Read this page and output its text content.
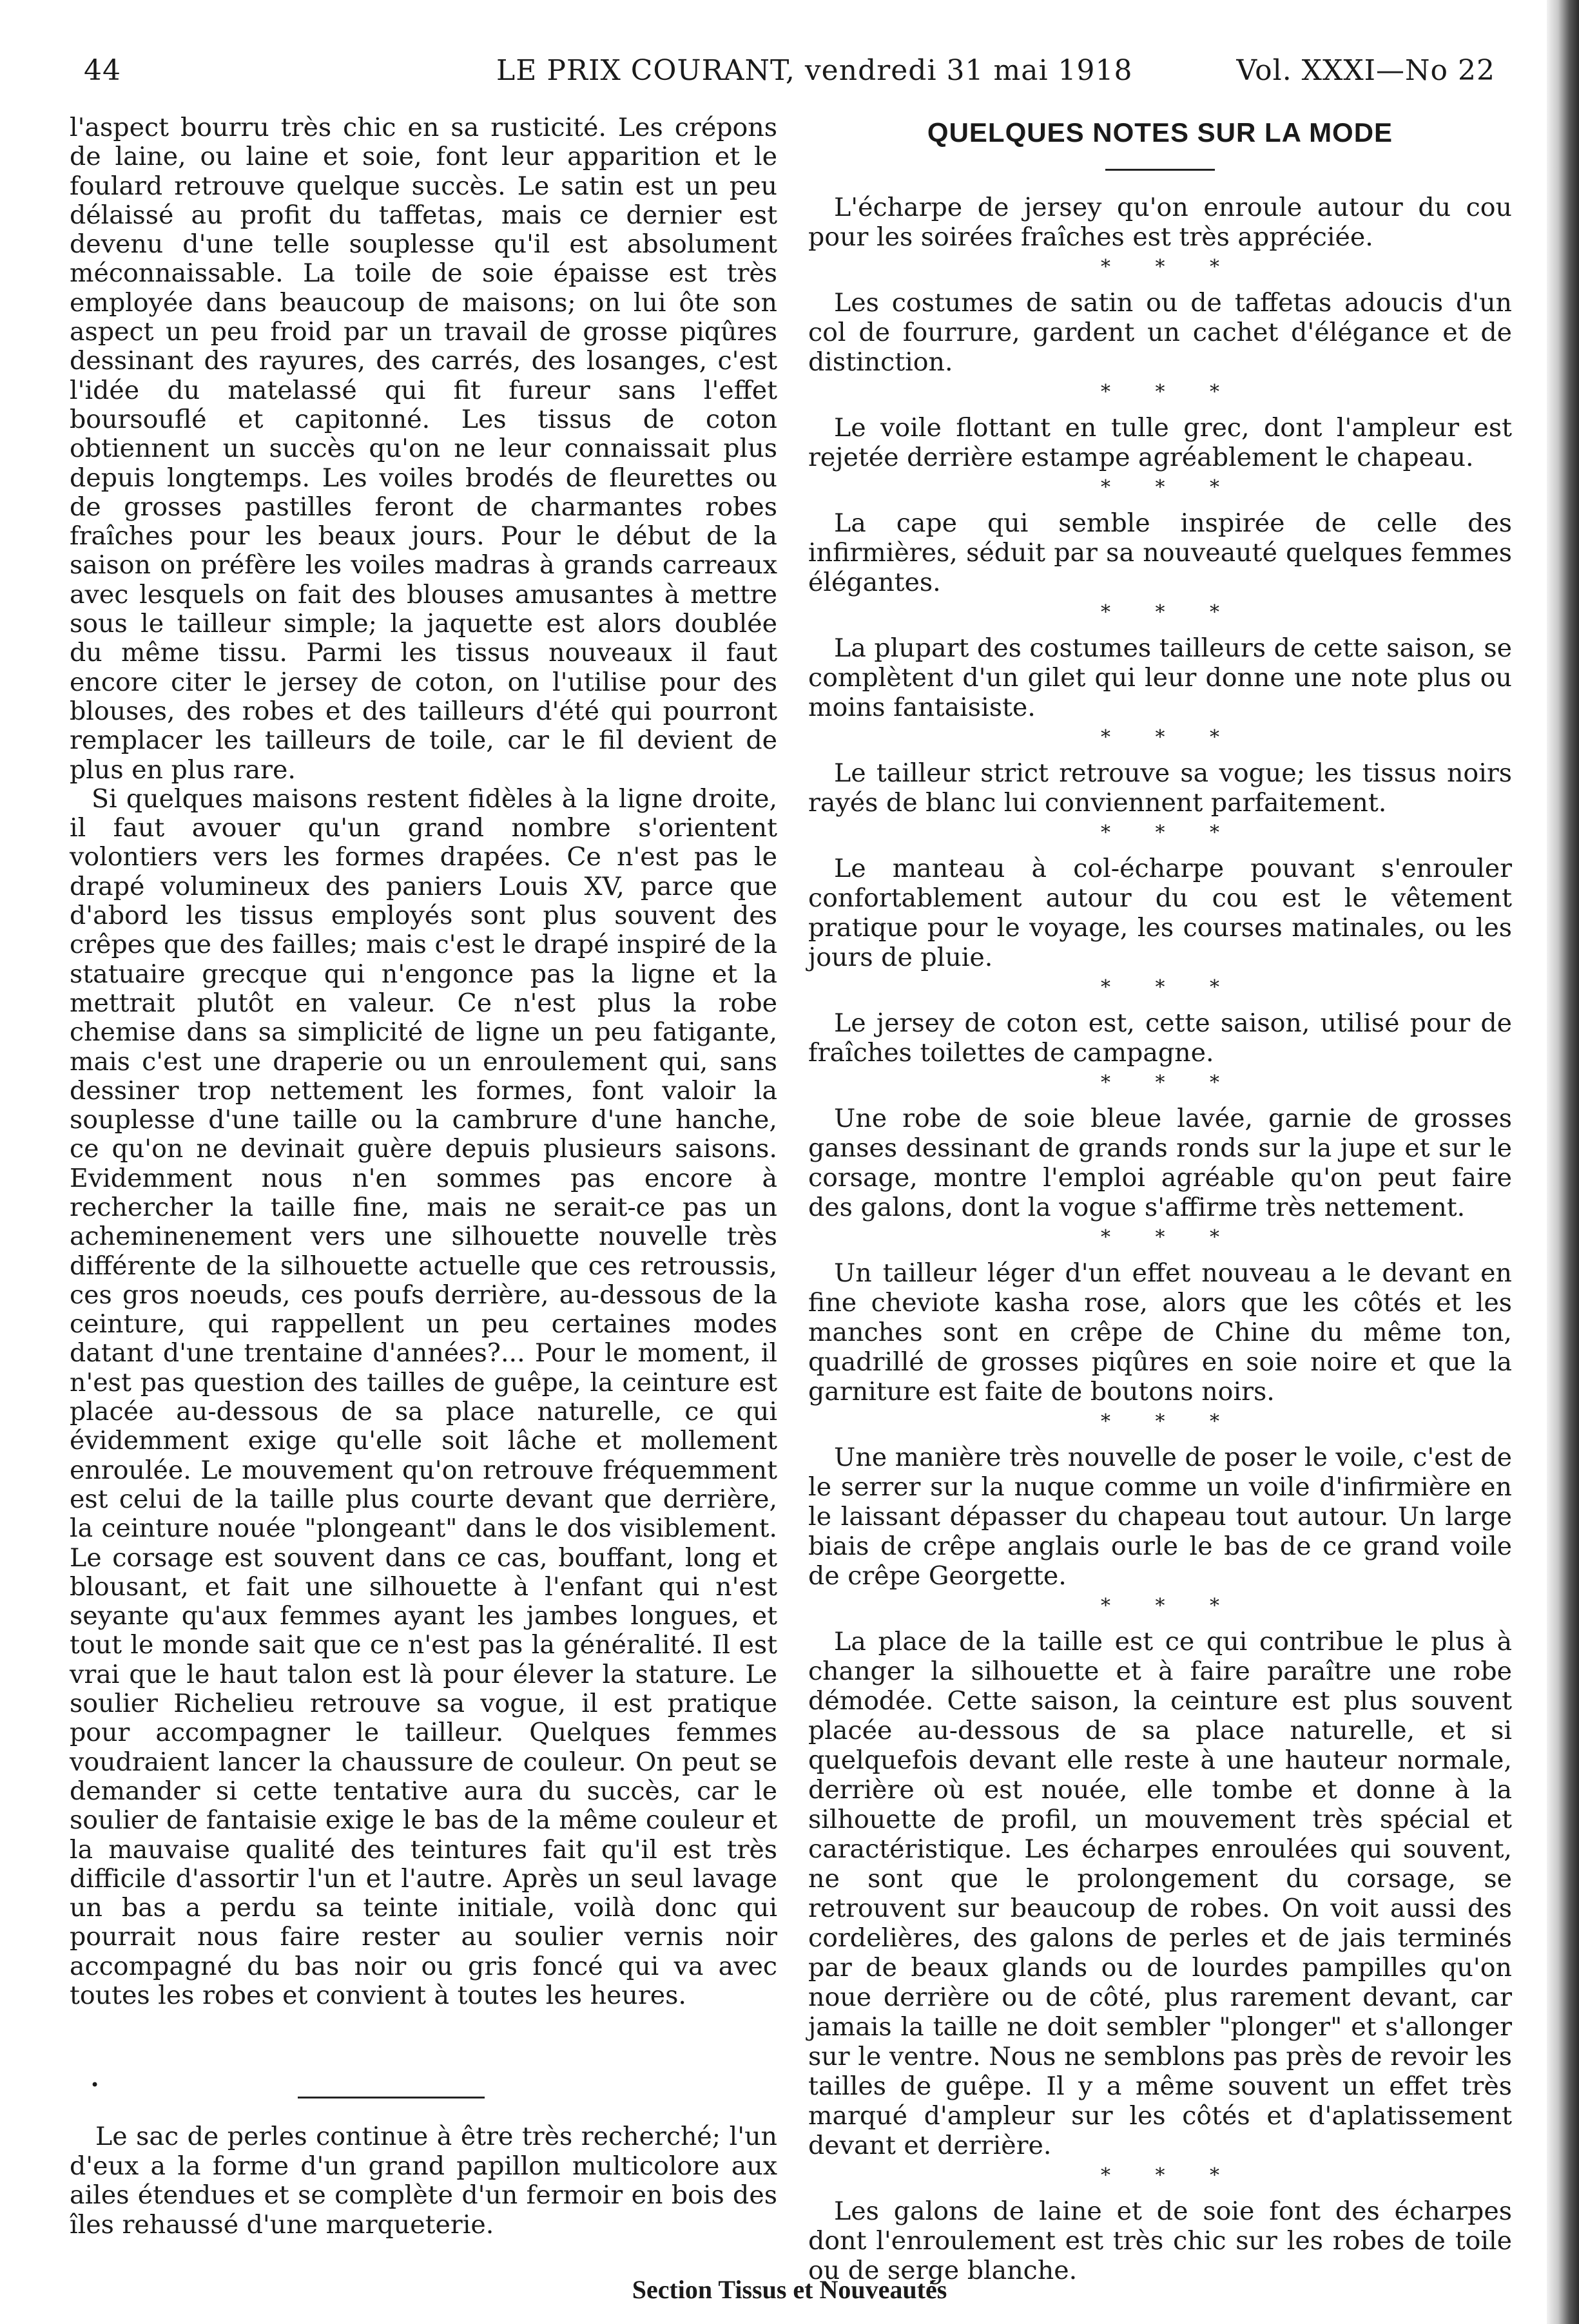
44	LE PRIX COURANT, vendredi 31 mai 1918	Vol. XXXI—No 22

l'aspect bourru très chic en sa rusticité. Les crépons de laine, ou laine et soie, font leur apparition et le foulard retrouve quelque succès. Le satin est un peu délaissé au profit du taffetas, mais ce dernier est devenu d'une telle souplesse qu'il est absolument méconnaissable. La toile de soie épaisse est très employée dans beaucoup de maisons; on lui ôte son aspect un peu froid par un travail de grosse piqûres dessinant des rayures, des carrés, des losanges, c'est l'idée du matelassé qui fit fureur sans l'effet boursouflé et capitonné. Les tissus de coton obtiennent un succès qu'on ne leur connaissait plus depuis longtemps. Les voiles brodés de fleurettes ou de grosses pastilles feront de charmantes robes fraîches pour les beaux jours. Pour le début de la saison on préfère les voiles madras à grands carreaux avec lesquels on fait des blouses amusantes à mettre sous le tailleur simple; la jaquette est alors doublée du même tissu. Parmi les tissus nouveaux il faut encore citer le jersey de coton, on l'utilise pour des blouses, des robes et des tailleurs d'été qui pourront remplacer les tailleurs de toile, car le fil devient de plus en plus rare.

Si quelques maisons restent fidèles à la ligne droite, il faut avouer qu'un grand nombre s'orientent volontiers vers les formes drapées. Ce n'est pas le drapé volumineux des paniers Louis XV, parce que d'abord les tissus employés sont plus souvent des crêpes que des failles; mais c'est le drapé inspiré de la statuaire grecque qui n'engonce pas la ligne et la mettrait plutôt en valeur. Ce n'est plus la robe chemise dans sa simplicité de ligne un peu fatigante, mais c'est une draperie ou un enroulement qui, sans dessiner trop nettement les formes, font valoir la souplesse d'une taille ou la cambrure d'une hanche, ce qu'on ne devinait guère depuis plusieurs saisons. Evidemment nous n'en sommes pas encore à rechercher la taille fine, mais ne serait-ce pas un acheminenement vers une silhouette nouvelle très différente de la silhouette actuelle que ces retroussis, ces gros noeuds, ces poufs derrière, au-dessous de la ceinture, qui rappellent un peu certaines modes datant d'une trentaine d'années?... Pour le moment, il n'est pas question des tailles de guêpe, la ceinture est placée au-dessous de sa place naturelle, ce qui évidemment exige qu'elle soit lâche et mollement enroulée. Le mouvement qu'on retrouve fréquemment est celui de la taille plus courte devant que derrière, la ceinture nouée "plongeant" dans le dos visiblement. Le corsage est souvent dans ce cas, bouffant, long et blousant, et fait une silhouette à l'enfant qui n'est seyante qu'aux femmes ayant les jambes longues, et tout le monde sait que ce n'est pas la généralité. Il est vrai que le haut talon est là pour élever la stature. Le soulier Richelieu retrouve sa vogue, il est pratique pour accompagner le tailleur. Quelques femmes voudraient lancer la chaussure de couleur. On peut se demander si cette tentative aura du succès, car le soulier de fantaisie exige le bas de la même couleur et la mauvaise qualité des teintures fait qu'il est très difficile d'assortir l'un et l'autre. Après un seul lavage un bas a perdu sa teinte initiale, voilà donc qui pourrait nous faire rester au soulier vernis noir accompagné du bas noir ou gris foncé qui va avec toutes les robes et convient à toutes les heures.

•

Le sac de perles continue à être très recherché; l'un d'eux a la forme d'un grand papillon multicolore aux ailes étendues et se complète d'un fermoir en bois des îles rehaussé d'une marqueterie.

QUELQUES NOTES SUR LA MODE

L'écharpe de jersey qu'on enroule autour du cou pour les soirées fraîches est très appréciée.

* * *

Les costumes de satin ou de taffetas adoucis d'un col de fourrure, gardent un cachet d'élégance et de distinction.

* * *

Le voile flottant en tulle grec, dont l'ampleur est rejetée derrière estampe agréablement le chapeau.

* * *

La cape qui semble inspirée de celle des infirmières, séduit par sa nouveauté quelques femmes élégantes.

* * *

La plupart des costumes tailleurs de cette saison, se complètent d'un gilet qui leur donne une note plus ou moins fantaisiste.

* * *

Le tailleur strict retrouve sa vogue; les tissus noirs rayés de blanc lui conviennent parfaitement.

* * *

Le manteau à col-écharpe pouvant s'enrouler confortablement autour du cou est le vêtement pratique pour le voyage, les courses matinales, ou les jours de pluie.

* * *

Le jersey de coton est, cette saison, utilisé pour de fraîches toilettes de campagne.

* * *

Une robe de soie bleue lavée, garnie de grosses ganses dessinant de grands ronds sur la jupe et sur le corsage, montre l'emploi agréable qu'on peut faire des galons, dont la vogue s'affirme très nettement.

* * *

Un tailleur léger d'un effet nouveau a le devant en fine cheviote kasha rose, alors que les côtés et les manches sont en crêpe de Chine du même ton, quadrillé de grosses piqûres en soie noire et que la garniture est faite de boutons noirs.

* * *

Une manière très nouvelle de poser le voile, c'est de le serrer sur la nuque comme un voile d'infirmière en le laissant dépasser du chapeau tout autour. Un large biais de crêpe anglais ourle le bas de ce grand voile de crêpe Georgette.

* * *

La place de la taille est ce qui contribue le plus à changer la silhouette et à faire paraître une robe démodée. Cette saison, la ceinture est plus souvent placée au-dessous de sa place naturelle, et si quelquefois devant elle reste à une hauteur normale, derrière où est nouée, elle tombe et donne à la silhouette de profil, un mouvement très spécial et caractéristique. Les écharpes enroulées qui souvent, ne sont que le prolongement du corsage, se retrouvent sur beaucoup de robes. On voit aussi des cordelières, des galons de perles et de jais terminés par de beaux glands ou de lourdes pampilles qu'on noue derrière ou de côté, plus rarement devant, car jamais la taille ne doit sembler "plonger" et s'allonger sur le ventre. Nous ne semblons pas près de revoir les tailles de guêpe. Il y a même souvent un effet très marqué d'ampleur sur les côtés et d'aplatissement devant et derrière.

* * *

Les galons de laine et de soie font des écharpes dont l'enroulement est très chic sur les robes de toile ou de serge blanche.

Section Tissus et Nouveautés
